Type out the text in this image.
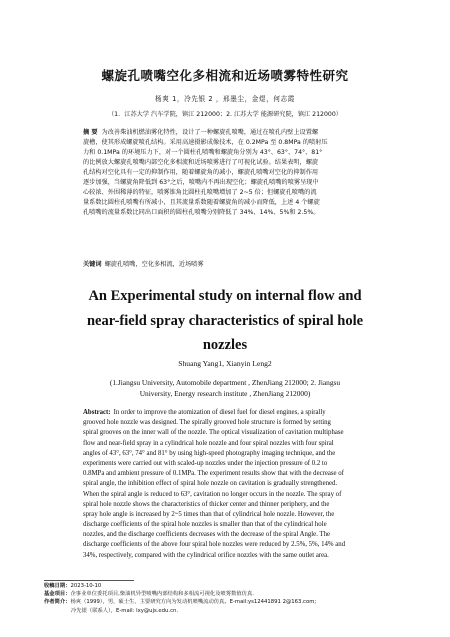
螺旋孔喷嘴空化多相流和近场喷雾特性研究
杨爽 1，冷先银 2 ，邢墨尘，金煜，何志霞
（1．江苏大学 汽车学院，镇江 212000；2. 江苏大学 能源研究院，镇江 212000）
摘 要 为改善柴油机燃油雾化特性，设计了一种螺旋孔喷嘴，通过在喷孔内壁上设置螺
旋槽，使其形成螺旋喷孔结构。采用高速摄影成像技术，在 0.2MPa 至 0.8MPa 的喷射压
力和 0.1MPa 的环境压力下，对一个圆柱孔喷嘴和螺旋角分别为 43°、63°、74°、81°
的比例放大螺旋孔喷嘴内部空化多相流和近场喷雾进行了可视化试验。结果表明，螺旋
孔结构对空化具有一定的抑制作用，随着螺旋角的减小，螺旋孔喷嘴对空化的抑制作用
逐步加强，当螺旋角降低到 63°之后，喷嘴内不再出现空化；螺旋孔喷嘴的喷雾呈现中
心较浓、外围稀薄的特征，喷雾锥角比圆柱孔喷嘴增加了 2~5 倍；但螺旋孔喷嘴的流
量系数比圆柱孔喷嘴有所减小，且其流量系数随着螺旋角的减小而降低，上述 4 个螺旋
孔喷嘴的流量系数比同出口面积的圆柱孔喷嘴分别降低了 34%、14%、5%和 2.5%。
关键词 螺旋孔喷嘴，空化多相流，近场喷雾
An Experimental study on internal flow and
near-field spray characteristics of spiral hole
nozzles
Shuang Yang1, Xianyin Leng2
(1.Jiangsu University, Automobile department , ZhenJiang 212000; 2. Jiangsu
University, Energy research institute , ZhenJiang 212000)
Abstract: In order to improve the atomization of diesel fuel for diesel engines, a spirally
grooved hole nozzle was designed. The spirally grooved hole structure is formed by setting
spiral grooves on the inner wall of the nozzle. The optical visualization of cavitation multiphase
flow and near-field spray in a cylindrical hole nozzle and four spiral nozzles with four spiral
angles of 43°, 63°, 74° and 81° by using high-speed photography imaging technique, and the
experiments were carried out with scaled-up nozzles under the injection pressure of 0.2 to
0.8MPa and ambient pressure of 0.1MPa. The experiment results show that with the decrease of
spiral angle, the inhibition effect of spiral hole nozzle on cavitation is gradually strengthened.
When the spiral angle is reduced to 63°, cavitation no longer occurs in the nozzle. The spray of
spiral hole nozzle shows the characteristics of thicker center and thinner periphery, and the
spray hole angle is increased by 2~5 times than that of cylindrical hole nozzle. However, the
discharge coefficients of the spiral hole nozzles is smaller than that of the cylindrical hole
nozzles, and the discharge coefficients decreases with the decrease of the spiral Angle. The
discharge coefficients of the above four spiral hole nozzles were reduced by 2.5%, 5%, 14% and
34%, respectively, compared with the cylindrical orifice nozzles with the same outlet area.
收稿日期：2023-10-10
基金项目：企事业单位委托项目,柴油机异型喷嘴内部结构和多相流可视化及喷雾数值仿真.
作者简介：杨爽（1999），男，硕士生，主要研究方向为发动机喷嘴流动仿真。E-mail:ys12441891 2@163.com;
冷先银（联系人），E-mail: lxy@ujs.edu.cn.
